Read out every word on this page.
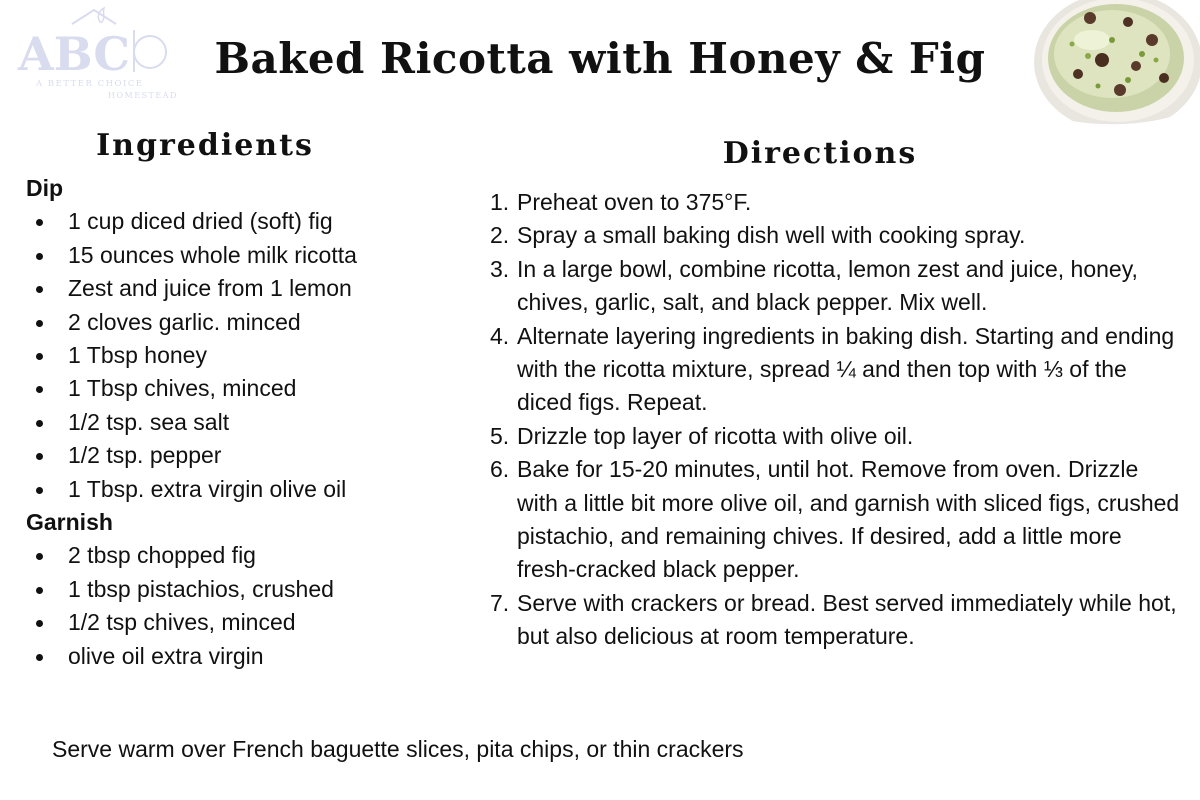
ABC
A BETTER CHOICE
HOMESTEAD
Baked Ricotta with Honey & Fig
Ingredients	Directions
Dip
1 cup diced dried (soft) fig
15 ounces whole milk ricotta
Zest and juice from 1 lemon
2 cloves garlic. minced
1 Tbsp honey
1 Tbsp chives, minced
1/2 tsp. sea salt
1/2 tsp. pepper
1 Tbsp. extra virgin olive oil
Garnish
2 tbsp chopped fig
1 tbsp pistachios, crushed
1/2 tsp chives, minced
olive oil extra virgin
1. Preheat oven to 375°F.
2. Spray a small baking dish well with cooking spray.
3. In a large bowl, combine ricotta, lemon zest and juice, honey, chives, garlic, salt, and black pepper. Mix well.
4. Alternate layering ingredients in baking dish. Starting and ending with the ricotta mixture, spread ¼ and then top with ⅓ of the diced figs. Repeat.
5. Drizzle top layer of ricotta with olive oil.
6. Bake for 15-20 minutes, until hot. Remove from oven. Drizzle with a little bit more olive oil, and garnish with sliced figs, crushed pistachio, and remaining chives. If desired, add a little more fresh-cracked black pepper.
7. Serve with crackers or bread. Best served immediately while hot, but also delicious at room temperature.

Serve warm over French baguette slices, pita chips, or thin crackers
